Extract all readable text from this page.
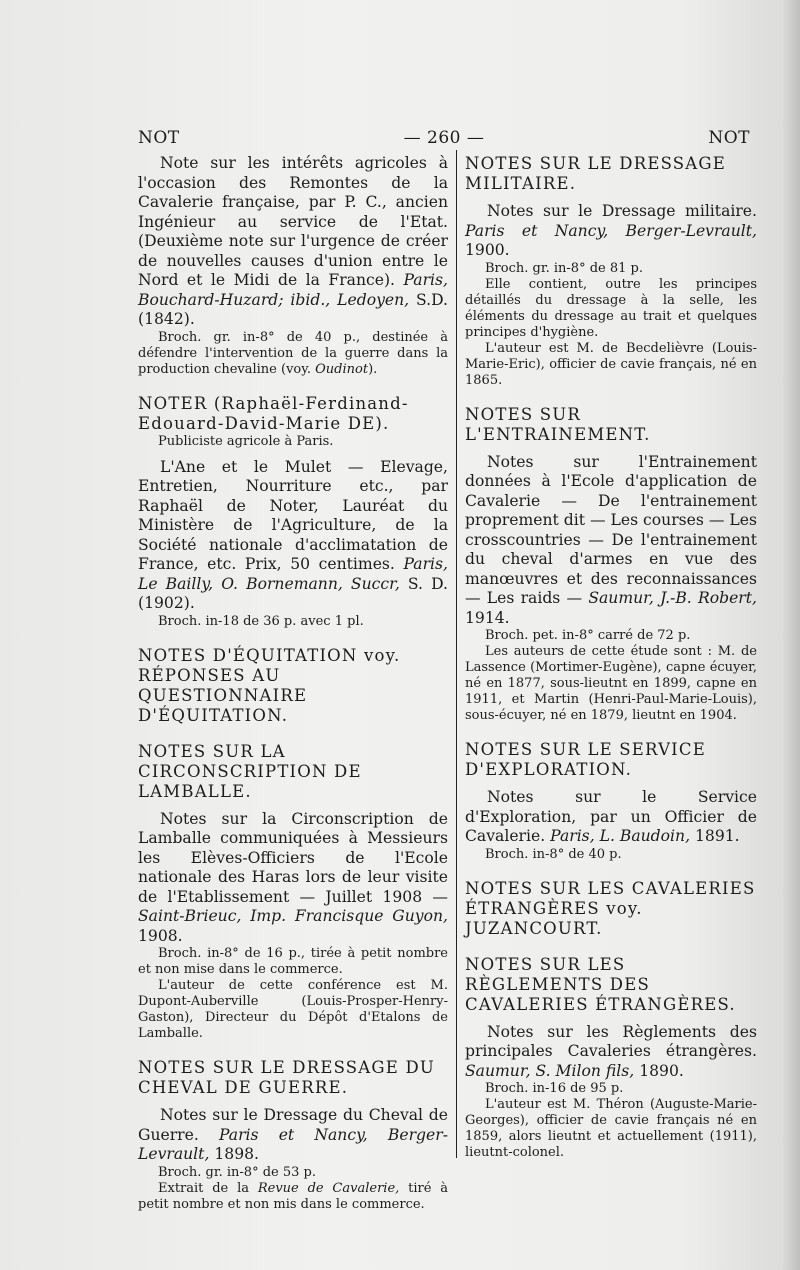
NOT	— 260 —	NOT

Note sur les intérêts agricoles à l'occasion des Remontes de la Cavalerie française, par P. C., ancien Ingénieur au service de l'Etat. (Deuxième note sur l'urgence de créer de nouvelles causes d'union entre le Nord et le Midi de la France). Paris, Bouchard-Huzard; ibid., Ledoyen, S.D. (1842).

Broch. gr. in-8° de 40 p., destinée à défendre l'intervention de la guerre dans la production chevaline (voy. Oudinot).

NOTER (Raphaël-Ferdinand-Edouard-David-Marie DE).

Publiciste agricole à Paris.

L'Ane et le Mulet — Elevage, Entretien, Nourriture etc., par Raphaël de Noter, Lauréat du Ministère de l'Agriculture, de la Société nationale d'acclimatation de France, etc. Prix, 50 centimes. Paris, Le Bailly, O. Bornemann, Succr, S. D. (1902).

Broch. in-18 de 36 p. avec 1 pl.

NOTES D'ÉQUITATION voy. RÉPONSES AU QUESTIONNAIRE D'ÉQUITATION.

NOTES SUR LA CIRCONSCRIPTION DE LAMBALLE.

Notes sur la Circonscription de Lamballe communiquées à Messieurs les Elèves-Officiers de l'Ecole nationale des Haras lors de leur visite de l'Etablissement — Juillet 1908 — Saint-Brieuc, Imp. Francisque Guyon, 1908.

Broch. in-8° de 16 p., tirée à petit nombre et non mise dans le commerce.

L'auteur de cette conférence est M. Dupont-Auberville (Louis-Prosper-Henry-Gaston), Directeur du Dépôt d'Etalons de Lamballe.

NOTES SUR LE DRESSAGE DU CHEVAL DE GUERRE.

Notes sur le Dressage du Cheval de Guerre. Paris et Nancy, Berger-Levrault, 1898.

Broch. gr. in-8° de 53 p.

Extrait de la Revue de Cavalerie, tiré à petit nombre et non mis dans le commerce.

NOTES SUR LE DRESSAGE MILITAIRE.

Notes sur le Dressage militaire. Paris et Nancy, Berger-Levrault, 1900.

Broch. gr. in-8° de 81 p.

Elle contient, outre les principes détaillés du dressage à la selle, les éléments du dressage au trait et quelques principes d'hygiène.

L'auteur est M. de Becdelièvre (Louis-Marie-Eric), officier de cavie français, né en 1865.

NOTES SUR L'ENTRAINEMENT.

Notes sur l'Entrainement données à l'Ecole d'application de Cavalerie — De l'entrainement proprement dit — Les courses — Les crosscountries — De l'entrainement du cheval d'armes en vue des manœuvres et des reconnaissances — Les raids — Saumur, J.-B. Robert, 1914.

Broch. pet. in-8° carré de 72 p.

Les auteurs de cette étude sont : M. de Lassence (Mortimer-Eugène), capne écuyer, né en 1877, sous-lieutnt en 1899, capne en 1911, et Martin (Henri-Paul-Marie-Louis), sous-écuyer, né en 1879, lieutnt en 1904.

NOTES SUR LE SERVICE D'EXPLORATION.

Notes sur le Service d'Exploration, par un Officier de Cavalerie. Paris, L. Baudoin, 1891.

Broch. in-8° de 40 p.

NOTES SUR LES CAVALERIES ÉTRANGÈRES voy. JUZANCOURT.

NOTES SUR LES RÈGLEMENTS DES CAVALERIES ÉTRANGÈRES.

Notes sur les Règlements des principales Cavaleries étrangères. Saumur, S. Milon fils, 1890.

Broch. in-16 de 95 p.

L'auteur est M. Théron (Auguste-Marie-Georges), officier de cavie français né en 1859, alors lieutnt et actuellement (1911), lieutnt-colonel.
